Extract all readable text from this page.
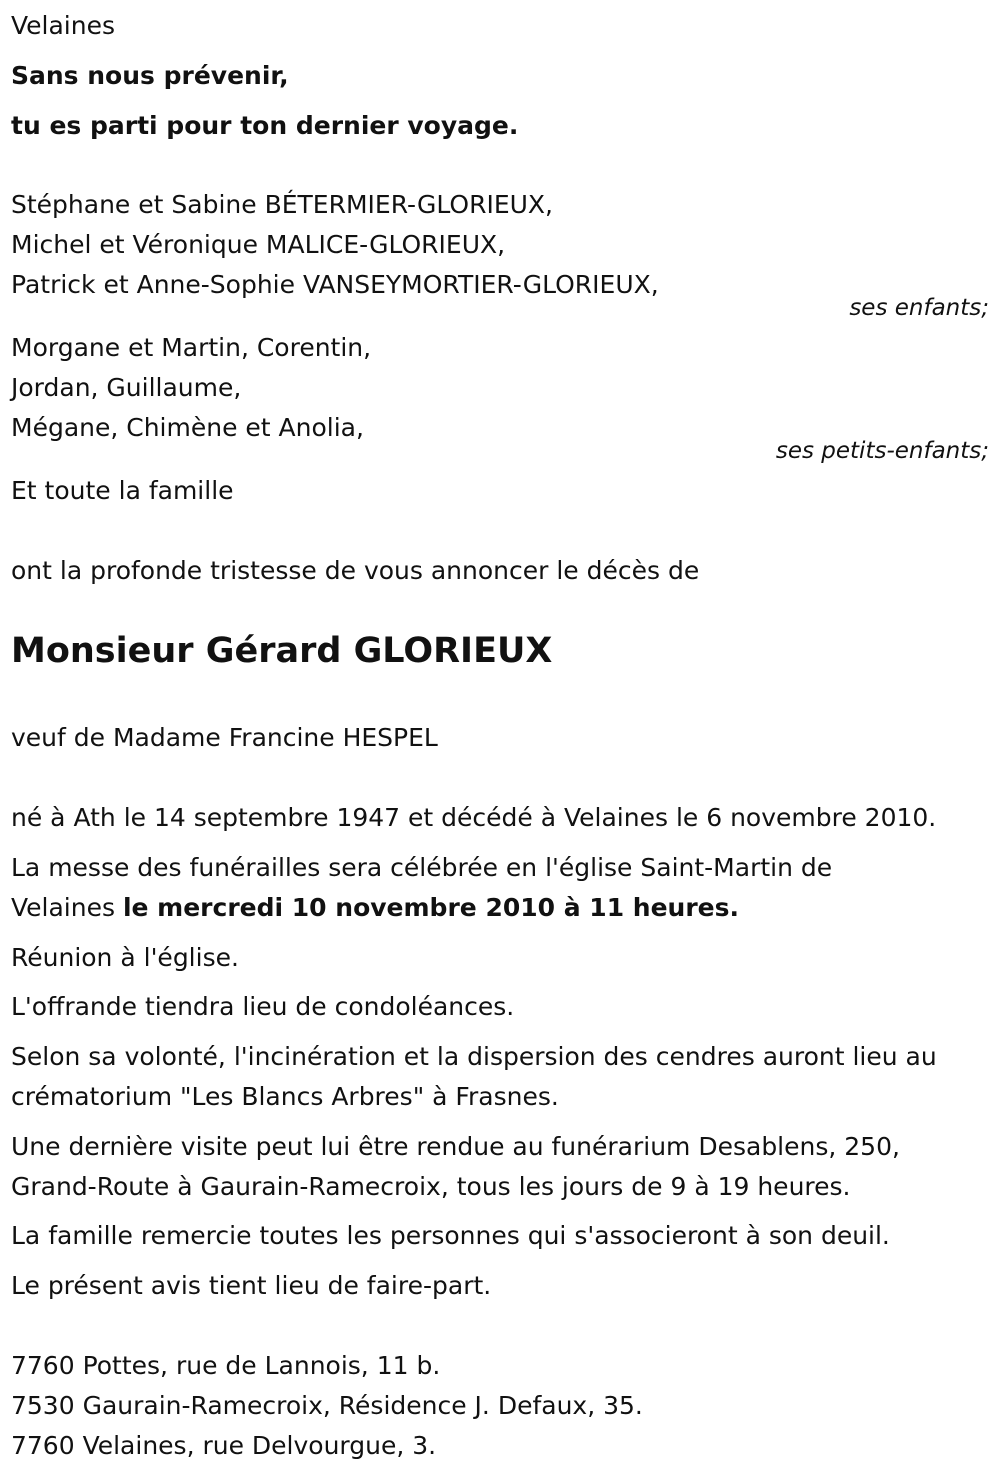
Velaines
Sans nous prévenir,
tu es parti pour ton dernier voyage.
Stéphane et Sabine BÉTERMIER-GLORIEUX,
Michel et Véronique MALICE-GLORIEUX,
Patrick et Anne-Sophie VANSEYMORTIER-GLORIEUX,
ses enfants;
Morgane et Martin, Corentin,
Jordan, Guillaume,
Mégane, Chimène et Anolia,
ses petits-enfants;
Et toute la famille
ont la profonde tristesse de vous annoncer le décès de
Monsieur Gérard GLORIEUX
veuf de Madame Francine HESPEL
né à Ath le 14 septembre 1947 et décédé à Velaines le 6 novembre 2010.
La messe des funérailles sera célébrée en l'église Saint-Martin de
Velaines le mercredi 10 novembre 2010 à 11 heures.
Réunion à l'église.
L'offrande tiendra lieu de condoléances.
Selon sa volonté, l'incinération et la dispersion des cendres auront lieu au
crématorium "Les Blancs Arbres" à Frasnes.
Une dernière visite peut lui être rendue au funérarium Desablens, 250,
Grand-Route à Gaurain-Ramecroix, tous les jours de 9 à 19 heures.
La famille remercie toutes les personnes qui s'associeront à son deuil.
Le présent avis tient lieu de faire-part.
7760 Pottes, rue de Lannois, 11 b.
7530 Gaurain-Ramecroix, Résidence J. Defaux, 35.
7760 Velaines, rue Delvourgue, 3.
